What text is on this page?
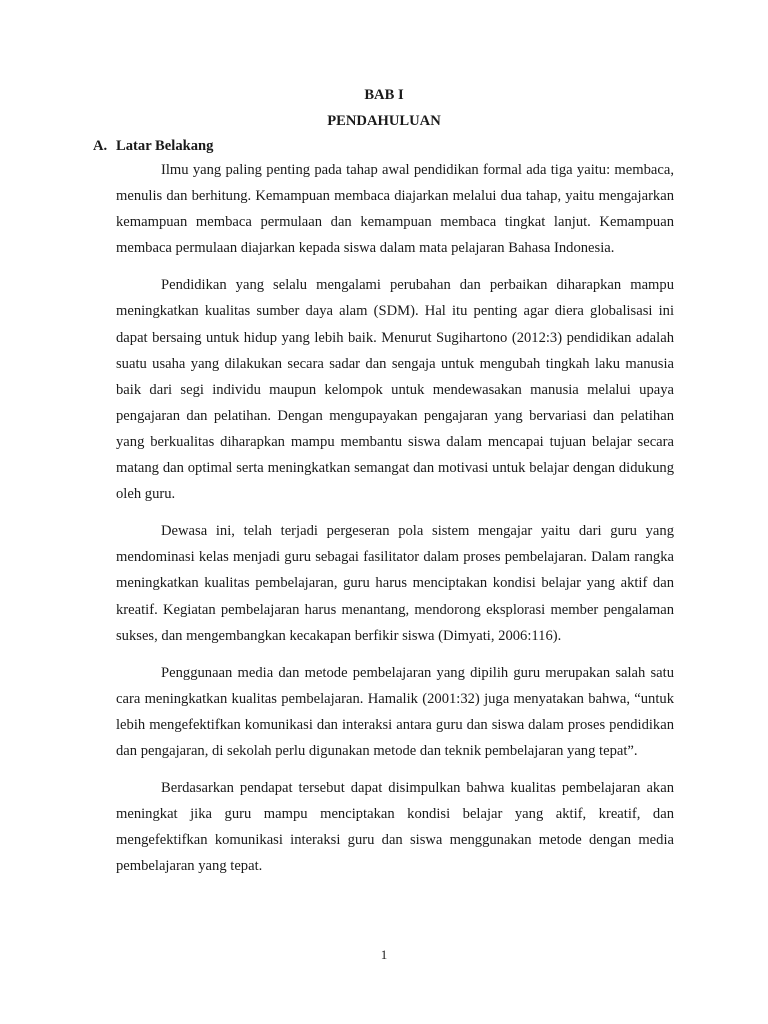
BAB I
PENDAHULUAN
A. Latar Belakang

Ilmu yang paling penting pada tahap awal pendidikan formal ada tiga yaitu: membaca, menulis dan berhitung. Kemampuan membaca diajarkan melalui dua tahap, yaitu mengajarkan kemampuan membaca permulaan dan kemampuan membaca tingkat lanjut. Kemampuan membaca permulaan diajarkan kepada siswa dalam mata pelajaran Bahasa Indonesia.

Pendidikan yang selalu mengalami perubahan dan perbaikan diharapkan mampu meningkatkan kualitas sumber daya alam (SDM). Hal itu penting agar diera globalisasi ini dapat bersaing untuk hidup yang lebih baik. Menurut Sugihartono (2012:3) pendidikan adalah suatu usaha yang dilakukan secara sadar dan sengaja untuk mengubah tingkah laku manusia baik dari segi individu maupun kelompok untuk mendewasakan manusia melalui upaya pengajaran dan pelatihan. Dengan mengupayakan pengajaran yang bervariasi dan pelatihan yang berkualitas diharapkan mampu membantu siswa dalam mencapai tujuan belajar secara matang dan optimal serta meningkatkan semangat dan motivasi untuk belajar dengan didukung oleh guru.

Dewasa ini, telah terjadi pergeseran pola sistem mengajar yaitu dari guru yang mendominasi kelas menjadi guru sebagai fasilitator dalam proses pembelajaran. Dalam rangka meningkatkan kualitas pembelajaran, guru harus menciptakan kondisi belajar yang aktif dan kreatif. Kegiatan pembelajaran harus menantang, mendorong eksplorasi member pengalaman sukses, dan mengembangkan kecakapan berfikir siswa (Dimyati, 2006:116).

Penggunaan media dan metode pembelajaran yang dipilih guru merupakan salah satu cara meningkatkan kualitas pembelajaran. Hamalik (2001:32) juga menyatakan bahwa, “untuk lebih mengefektifkan komunikasi dan interaksi antara guru dan siswa dalam proses pendidikan dan pengajaran, di sekolah perlu digunakan metode dan teknik pembelajaran yang tepat”.

Berdasarkan pendapat tersebut dapat disimpulkan bahwa kualitas pembelajaran akan meningkat jika guru mampu menciptakan kondisi belajar yang aktif, kreatif, dan mengefektifkan komunikasi interaksi guru dan siswa menggunakan metode dengan media pembelajaran yang tepat.

1
